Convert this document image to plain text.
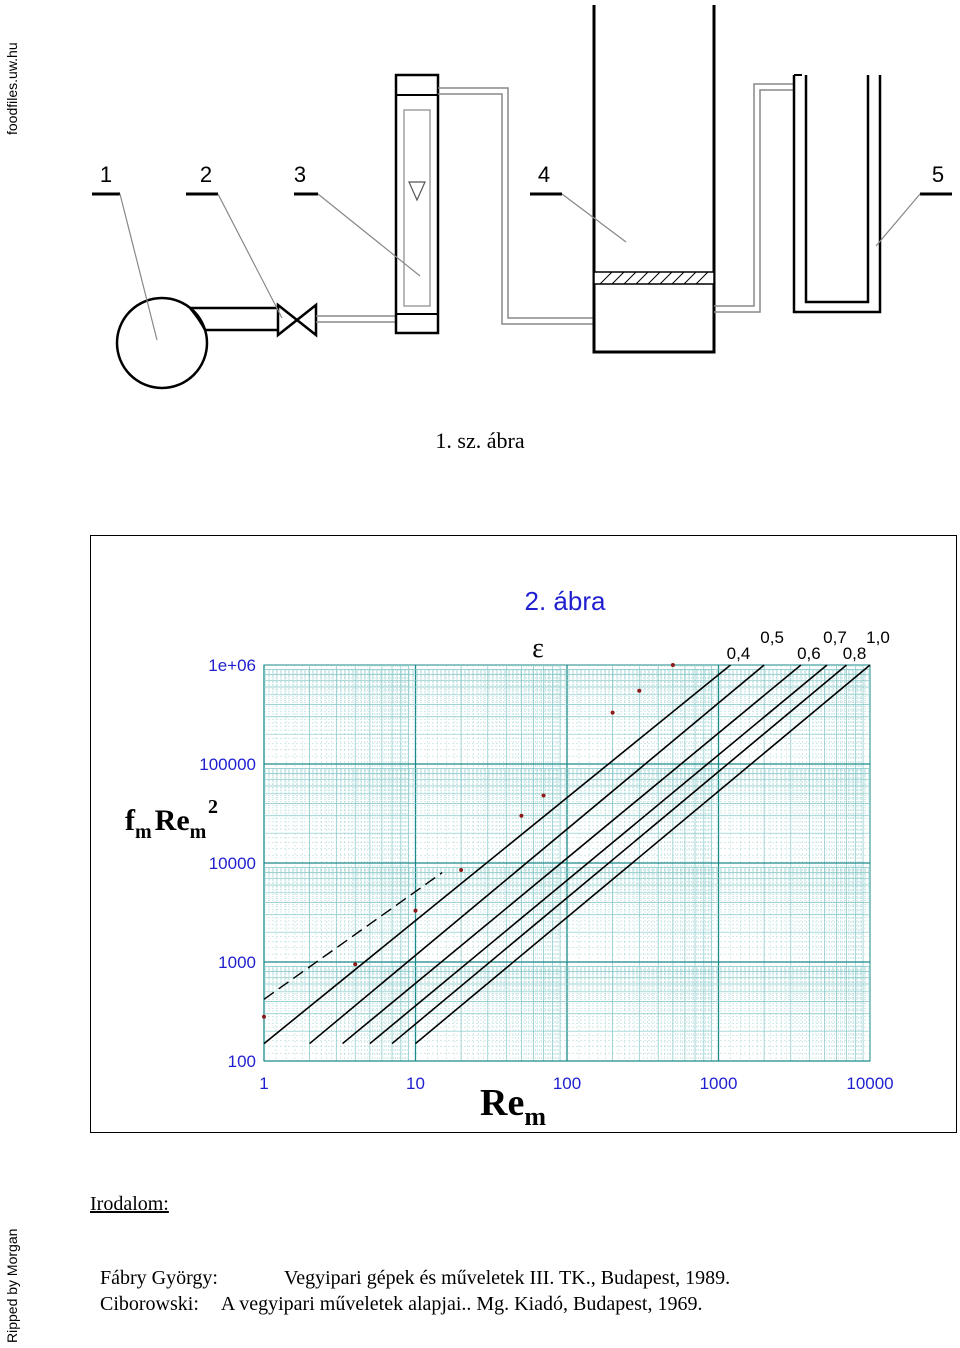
foodfiles.uw.hu
Ripped by Morgan
1	2	3	4	5
1. sz. ábra
1	10	100	1000	10000
100
1000
10000
100000
1e+06
0,4
0,5
0,6
0,7
0,8
1,0
2. ábra
ε
$f_m$ $Re_m$
2
$Re_m$
Irodalom:

Fábry György:	Vegyipari gépek és műveletek III. TK., Budapest, 1989.

Ciborowski: A vegyipari műveletek alapjai.. Mg. Kiadó, Budapest, 1969.
